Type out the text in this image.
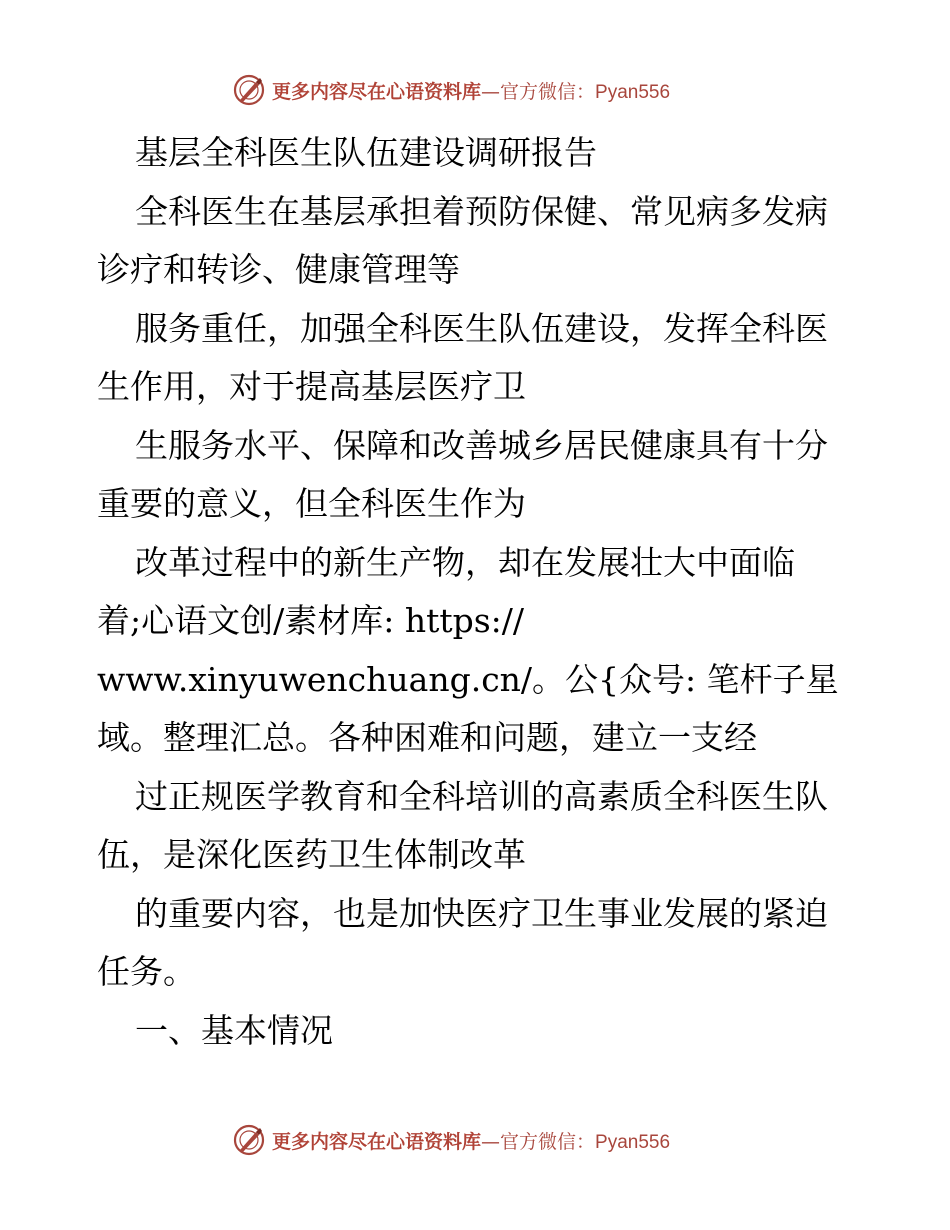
更多内容尽在心语资料库—官方微信：Pyan556
基层全科医生队伍建设调研报告
全科医生在基层承担着预防保健、常见病多发病
诊疗和转诊、健康管理等
服务重任，加强全科医生队伍建设，发挥全科医
生作用，对于提高基层医疗卫
生服务水平、保障和改善城乡居民健康具有十分
重要的意义，但全科医生作为
改革过程中的新生产物，却在发展壮大中面临
着;心语文创/素材库: https://
www.xinyuwenchuang.cn/。公{众号: 笔杆子星
域。整理汇总。各种困难和问题，建立一支经
过正规医学教育和全科培训的高素质全科医生队
伍，是深化医药卫生体制改革
的重要内容，也是加快医疗卫生事业发展的紧迫
任务。
一、基本情况
更多内容尽在心语资料库—官方微信：Pyan556
